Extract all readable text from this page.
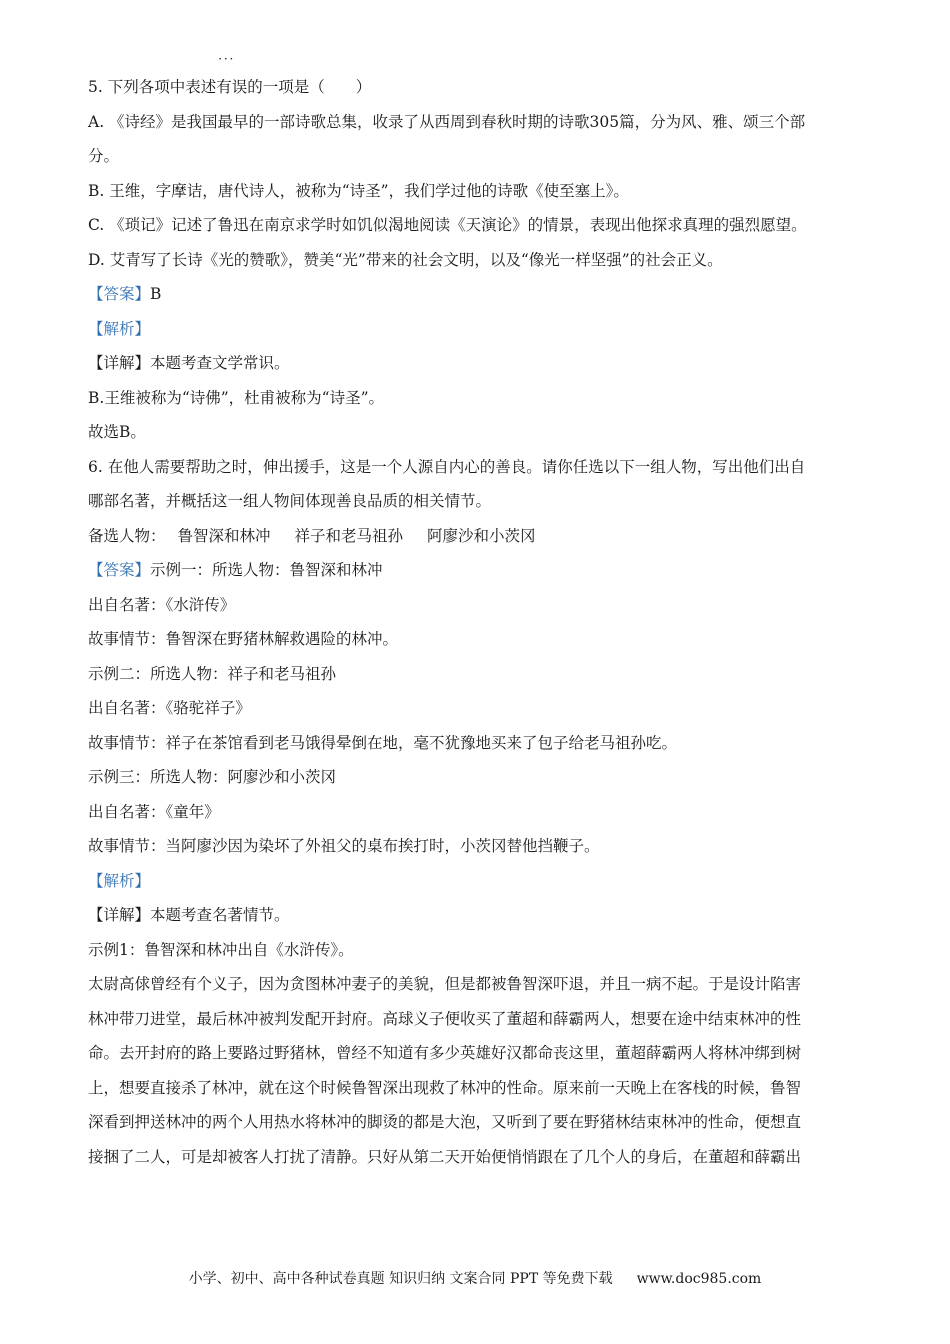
5. 下列各项中表述· · · 有误的一项是（　　）
A. 《诗经》是我国最早的一部诗歌总集，收录了从西周到春秋时期的诗歌305篇，分为风、雅、颂三个部
分。
B. 王维，字摩诘，唐代诗人，被称为“诗圣”，我们学过他的诗歌《使至塞上》。
C. 《琐记》记述了鲁迅在南京求学时如饥似渴地阅读《天演论》的情景，表现出他探求真理的强烈愿望。
D. 艾青写了长诗《光的赞歌》，赞美“光”带来的社会文明，以及“像光一样坚强”的社会正义。
【答案】B
【解析】
【详解】本题考查文学常识。
B.王维被称为“诗佛”，杜甫被称为“诗圣”。
故选B。
6. 在他人需要帮助之时，伸出援手，这是一个人源自内心的善良。请你任选以下一组人物，写出他们出自
哪部名著，并概括这一组人物间体现善良品质的相关情节。
备选人物： 鲁智深和林冲 祥子和老马祖孙 阿廖沙和小茨冈
【答案】示例一：所选人物：鲁智深和林冲
出自名著：《水浒传》
故事情节：鲁智深在野猪林解救遇险的林冲。
示例二：所选人物：祥子和老马祖孙
出自名著：《骆驼祥子》
故事情节：祥子在茶馆看到老马饿得晕倒在地，毫不犹豫地买来了包子给老马祖孙吃。
示例三：所选人物：阿廖沙和小茨冈
出自名著：《童年》
故事情节：当阿廖沙因为染坏了外祖父的桌布挨打时，小茨冈替他挡鞭子。
【解析】
【详解】本题考查名著情节。
示例1：鲁智深和林冲出自《水浒传》。
太尉高俅曾经有个义子，因为贪图林冲妻子的美貌，但是都被鲁智深吓退，并且一病不起。于是设计陷害
林冲带刀进堂，最后林冲被判发配开封府。高球义子便收买了董超和薛霸两人，想要在途中结束林冲的性
命。去开封府的路上要路过野猪林，曾经不知道有多少英雄好汉都命丧这里，董超薛霸两人将林冲绑到树
上，想要直接杀了林冲，就在这个时候鲁智深出现救了林冲的性命。原来前一天晚上在客栈的时候，鲁智
深看到押送林冲的两个人用热水将林冲的脚烫的都是大泡，又听到了要在野猪林结束林冲的性命，便想直
接捆了二人，可是却被客人打扰了清静。只好从第二天开始便悄悄跟在了几个人的身后，在董超和薛霸出
小学、初中、高中各种试卷真题 知识归纳 文案合同 PPT 等免费下载 www.doc985.com
